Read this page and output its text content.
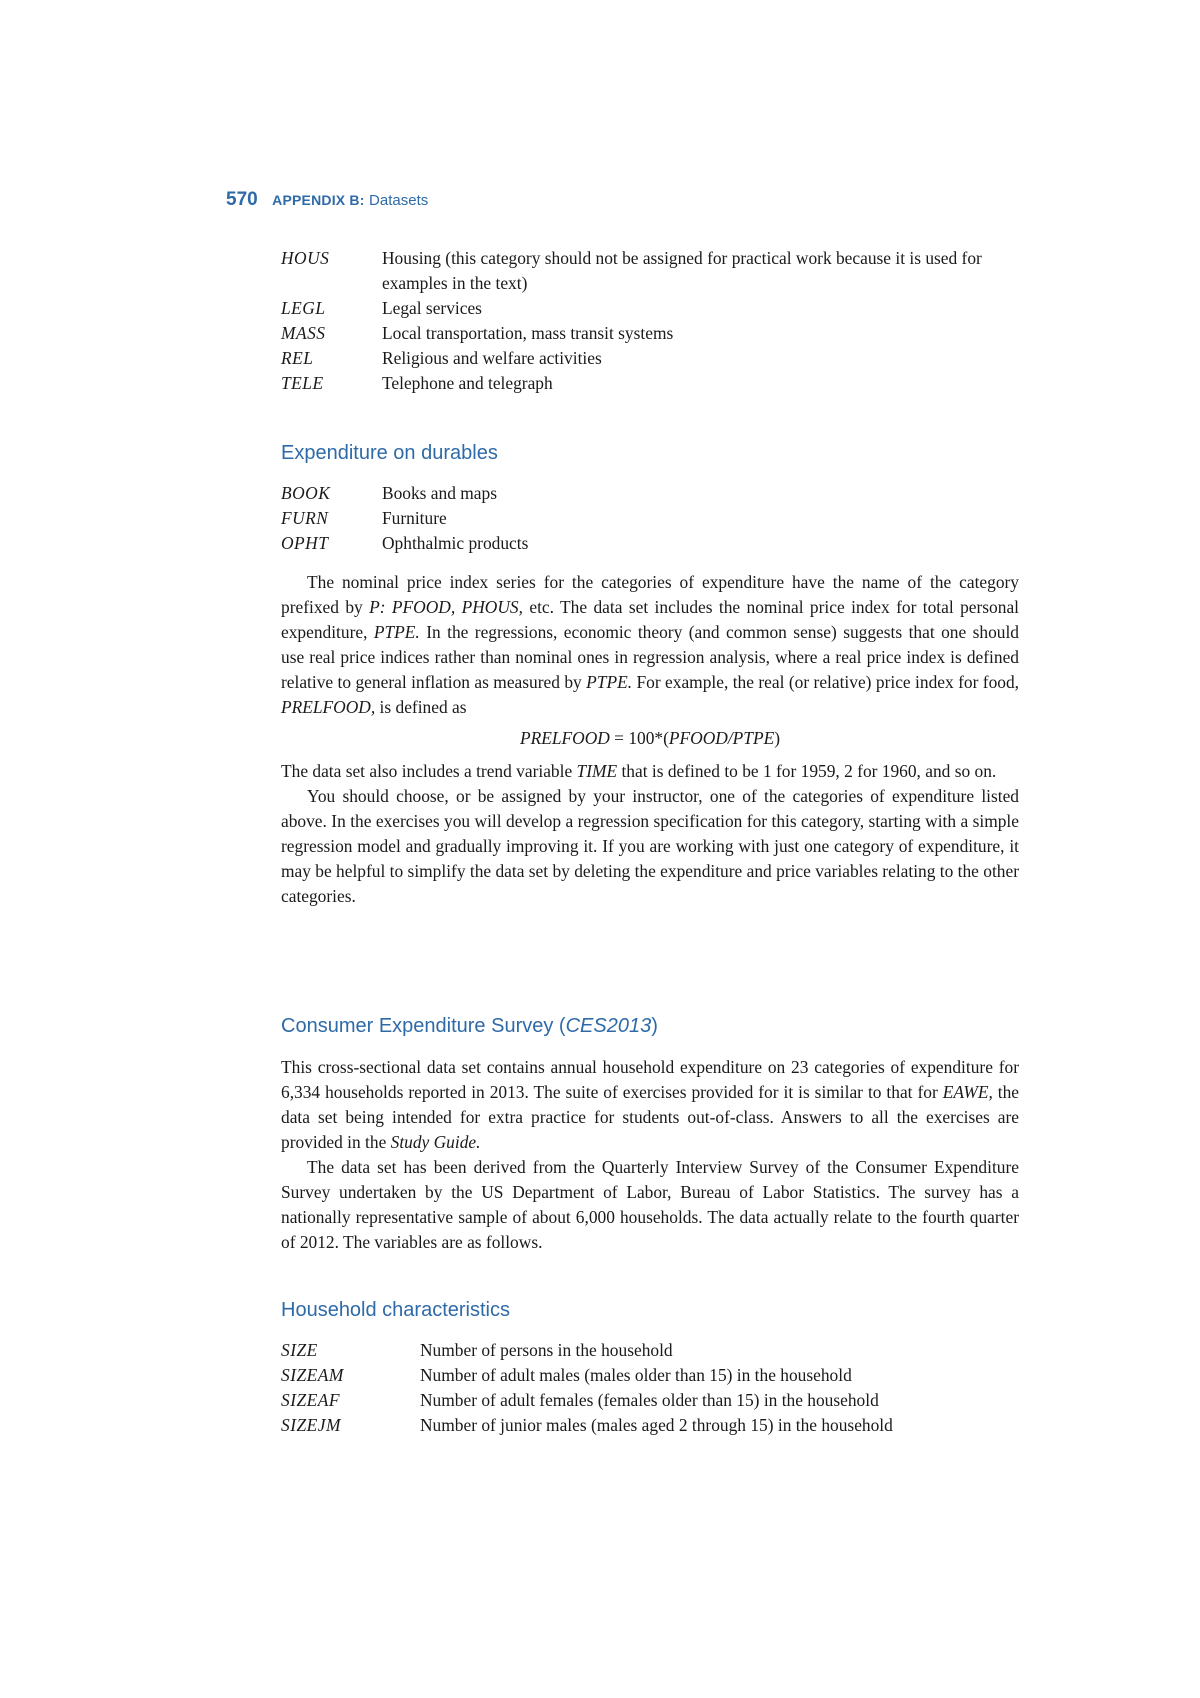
570 APPENDIX B: Datasets
HOUS	Housing (this category should not be assigned for practical work because it is used for examples in the text)
LEGL	Legal services
MASS	Local transportation, mass transit systems
REL	Religious and welfare activities
TELE	Telephone and telegraph
Expenditure on durables
BOOK	Books and maps
FURN	Furniture
OPHT	Ophthalmic products

The nominal price index series for the categories of expenditure have the name of the category prefixed by P: PFOOD, PHOUS, etc. The data set includes the nominal price index for total personal expenditure, PTPE. In the regressions, economic theory (and common sense) suggests that one should use real price indices rather than nominal ones in regression analysis, where a real price index is defined relative to general inflation as measured by PTPE. For example, the real (or relative) price index for food, PRELFOOD, is defined as

PRELFOOD = 100*(PFOOD/PTPE)

The data set also includes a trend variable TIME that is defined to be 1 for 1959, 2 for 1960, and so on.

You should choose, or be assigned by your instructor, one of the categories of expenditure listed above. In the exercises you will develop a regression specification for this category, starting with a simple regression model and gradually improving it. If you are working with just one category of expenditure, it may be helpful to simplify the data set by deleting the expenditure and price variables relating to the other categories.

Consumer Expenditure Survey (CES2013)

This cross-sectional data set contains annual household expenditure on 23 categories of expenditure for 6,334 households reported in 2013. The suite of exercises provided for it is similar to that for EAWE, the data set being intended for extra practice for students out-of-class. Answers to all the exercises are provided in the Study Guide.

The data set has been derived from the Quarterly Interview Survey of the Consumer Expenditure Survey undertaken by the US Department of Labor, Bureau of Labor Statistics. The survey has a nationally representative sample of about 6,000 households. The data actually relate to the fourth quarter of 2012. The variables are as follows.

Household characteristics
SIZE	Number of persons in the household
SIZEAM	Number of adult males (males older than 15) in the household
SIZEAF	Number of adult females (females older than 15) in the household
SIZEJM	Number of junior males (males aged 2 through 15) in the household
